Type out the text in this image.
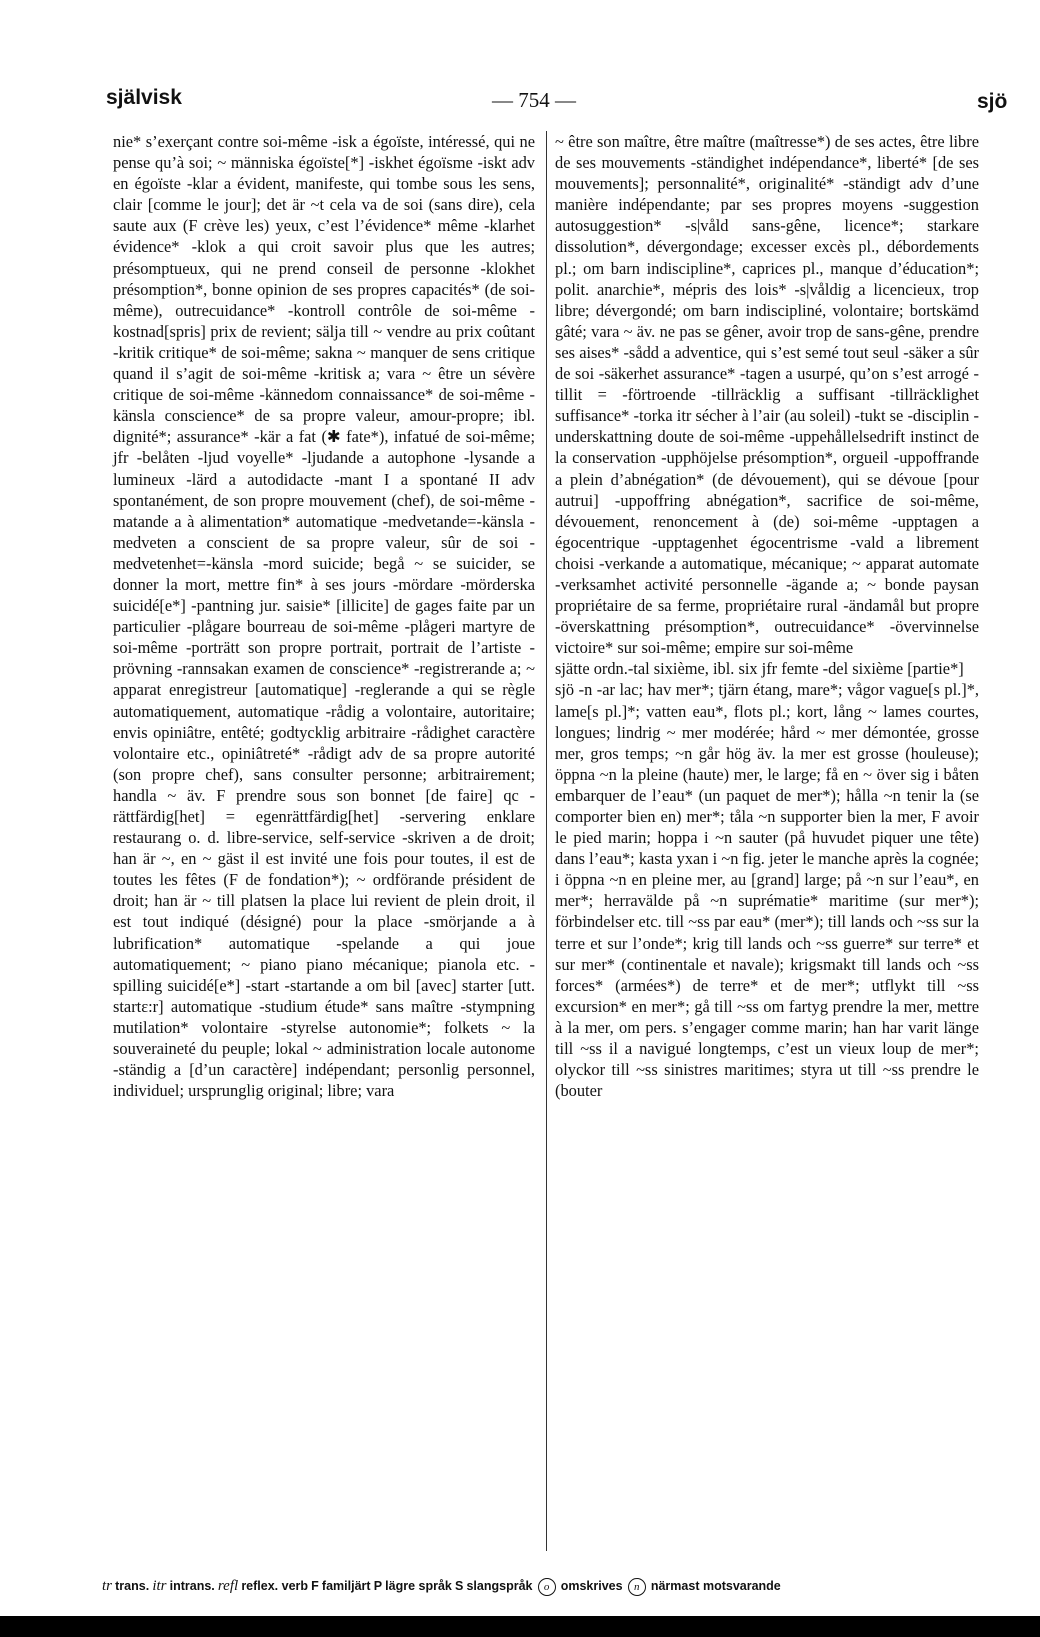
självisk	— 754 —	sjö

nie* s’exerçant contre soi-même -isk a égoïste, intéressé, qui ne pense qu’à soi; ~ människa égoïste[*] -iskhet égoïsme -iskt adv en égoïste -klar a évident, manifeste, qui tombe sous les sens, clair [comme le jour]; det är ~t cela va de soi (sans dire), cela saute aux (F crève les) yeux, c’est l’évidence* même -klarhet évidence* -klok a qui croit savoir plus que les autres; présomptueux, qui ne prend conseil de personne -klokhet présomption*, bonne opinion de ses propres capacités* (de soi-même), outrecuidance* -kontroll contrôle de soi-même -kostnad[spris] prix de revient; sälja till ~ vendre au prix coûtant -kritik critique* de soi-même; sakna ~ manquer de sens critique quand il s’agit de soi-même -kritisk a; vara ~ être un sévère critique de soi-même -kännedom connaissance* de soi-même -känsla conscience* de sa propre valeur, amour-propre; ibl. dignité*; assurance* -kär a fat (✱ fate*), infatué de soi-même; jfr -belåten -ljud voyelle* -ljudande a autophone -lysande a lumineux -lärd a autodidacte -mant I a spontané II adv spontanément, de son propre mouvement (chef), de soi-même -matande a à alimentation* automatique -medvetande=-känsla -medveten a conscient de sa propre valeur, sûr de soi -medvetenhet=-känsla -mord suicide; begå ~ se suicider, se donner la mort, mettre fin* à ses jours -mördare -mörderska suicidé[e*] -pantning jur. saisie* [illicite] de gages faite par un particulier -plågare bourreau de soi-même -plågeri martyre de soi-même -porträtt son propre portrait, portrait de l’artiste -prövning -rannsakan examen de conscience* -registrerande a; ~ apparat enregistreur [automatique] -reglerande a qui se règle automatiquement, automatique -rådig a volontaire, autoritaire; envis opiniâtre, entêté; godtycklig arbitraire -rådighet caractère volontaire etc., opiniâtreté* -rådigt adv de sa propre autorité (son propre chef), sans consulter personne; arbitrairement; handla ~ äv. F prendre sous son bonnet [de faire] qc -rättfärdig[het] = egenrättfärdig[het] -servering enklare restaurang o. d. libre-service, self-service -skriven a de droit; han är ~, en ~ gäst il est invité une fois pour toutes, il est de toutes les fêtes (F de fondation*); ~ ordförande président de droit; han är ~ till platsen la place lui revient de plein droit, il est tout indiqué (désigné) pour la place -smörjande a à lubrification* automatique -spelande a qui joue automatiquement; ~ piano piano mécanique; pianola etc. -spilling suicidé[e*] -start -startande a om bil [avec] starter [utt. startɛ:r] automatique -studium étude* sans maître -stympning mutilation* volontaire -styrelse autonomie*; folkets ~ la souveraineté du peuple; lokal ~ administration locale autonome -ständig a [d’un caractère] indépendant; personlig personnel, individuel; ursprunglig original; libre; vara

~ être son maître, être maître (maîtresse*) de ses actes, être libre de ses mouvements -ständighet indépendance*, liberté* [de ses mouvements]; personnalité*, originalité* -ständigt adv d’une manière indépendante; par ses propres moyens -suggestion autosuggestion* -s|våld sans-gêne, licence*; starkare dissolution*, dévergondage; excesser excès pl., débordements pl.; om barn indiscipline*, caprices pl., manque d’éducation*; polit. anarchie*, mépris des lois* -s|våldig a licencieux, trop libre; dévergondé; om barn indiscipliné, volontaire; bortskämd gâté; vara ~ äv. ne pas se gêner, avoir trop de sans-gêne, prendre ses aises* -sådd a adventice, qui s’est semé tout seul -säker a sûr de soi -säkerhet assurance* -tagen a usurpé, qu’on s’est arrogé -tillit = -förtroende -tillräcklig a suffisant -tillräcklighet suffisance* -torka itr sécher à l’air (au soleil) -tukt se -disciplin -underskattning doute de soi-même -uppehållelsedrift instinct de la conservation -upphöjelse présomption*, orgueil -uppoffrande a plein d’abnégation* (de dévouement), qui se dévoue [pour autrui] -uppoffring abnégation*, sacrifice de soi-même, dévouement, renoncement à (de) soi-même -upptagen a égocentrique -upptagenhet égocentrisme -vald a librement choisi -verkande a automatique, mécanique; ~ apparat automate -verksamhet activité personnelle -ägande a; ~ bonde paysan propriétaire de sa ferme, propriétaire rural -ändamål but propre -överskattning présomption*, outrecuidance* -övervinnelse victoire* sur soi-même; empire sur soi-même

sjätte ordn.-tal sixième, ibl. six jfr femte -del sixième [partie*]

sjö -n -ar lac; hav mer*; tjärn étang, mare*; vågor vague[s pl.]*, lame[s pl.]*; vatten eau*, flots pl.; kort, lång ~ lames courtes, longues; lindrig ~ mer modérée; hård ~ mer démontée, grosse mer, gros temps; ~n går hög äv. la mer est grosse (houleuse); öppna ~n la pleine (haute) mer, le large; få en ~ över sig i båten embarquer de l’eau* (un paquet de mer*); hålla ~n tenir la (se comporter bien en) mer*; tåla ~n supporter bien la mer, F avoir le pied marin; hoppa i ~n sauter (på huvudet piquer une tête) dans l’eau*; kasta yxan i ~n fig. jeter le manche après la cognée; i öppna ~n en pleine mer, au [grand] large; på ~n sur l’eau*, en mer*; herravälde på ~n suprématie* maritime (sur mer*); förbindelser etc. till ~ss par eau* (mer*); till lands och ~ss sur la terre et sur l’onde*; krig till lands och ~ss guerre* sur terre* et sur mer* (continentale et navale); krigsmakt till lands och ~ss forces* (armées*) de terre* et de mer*; utflykt till ~ss excursion* en mer*; gå till ~ss om fartyg prendre la mer, mettre à la mer, om pers. s’engager comme marin; han har varit länge till ~ss il a navigué longtemps, c’est un vieux loup de mer*; olyckor till ~ss sinistres maritimes; styra ut till ~ss prendre le (bouter

tr trans. itr intrans. refl reflex. verb F familjärt P lägre språk S slangspråk o omskrives n närmast motsvarande
